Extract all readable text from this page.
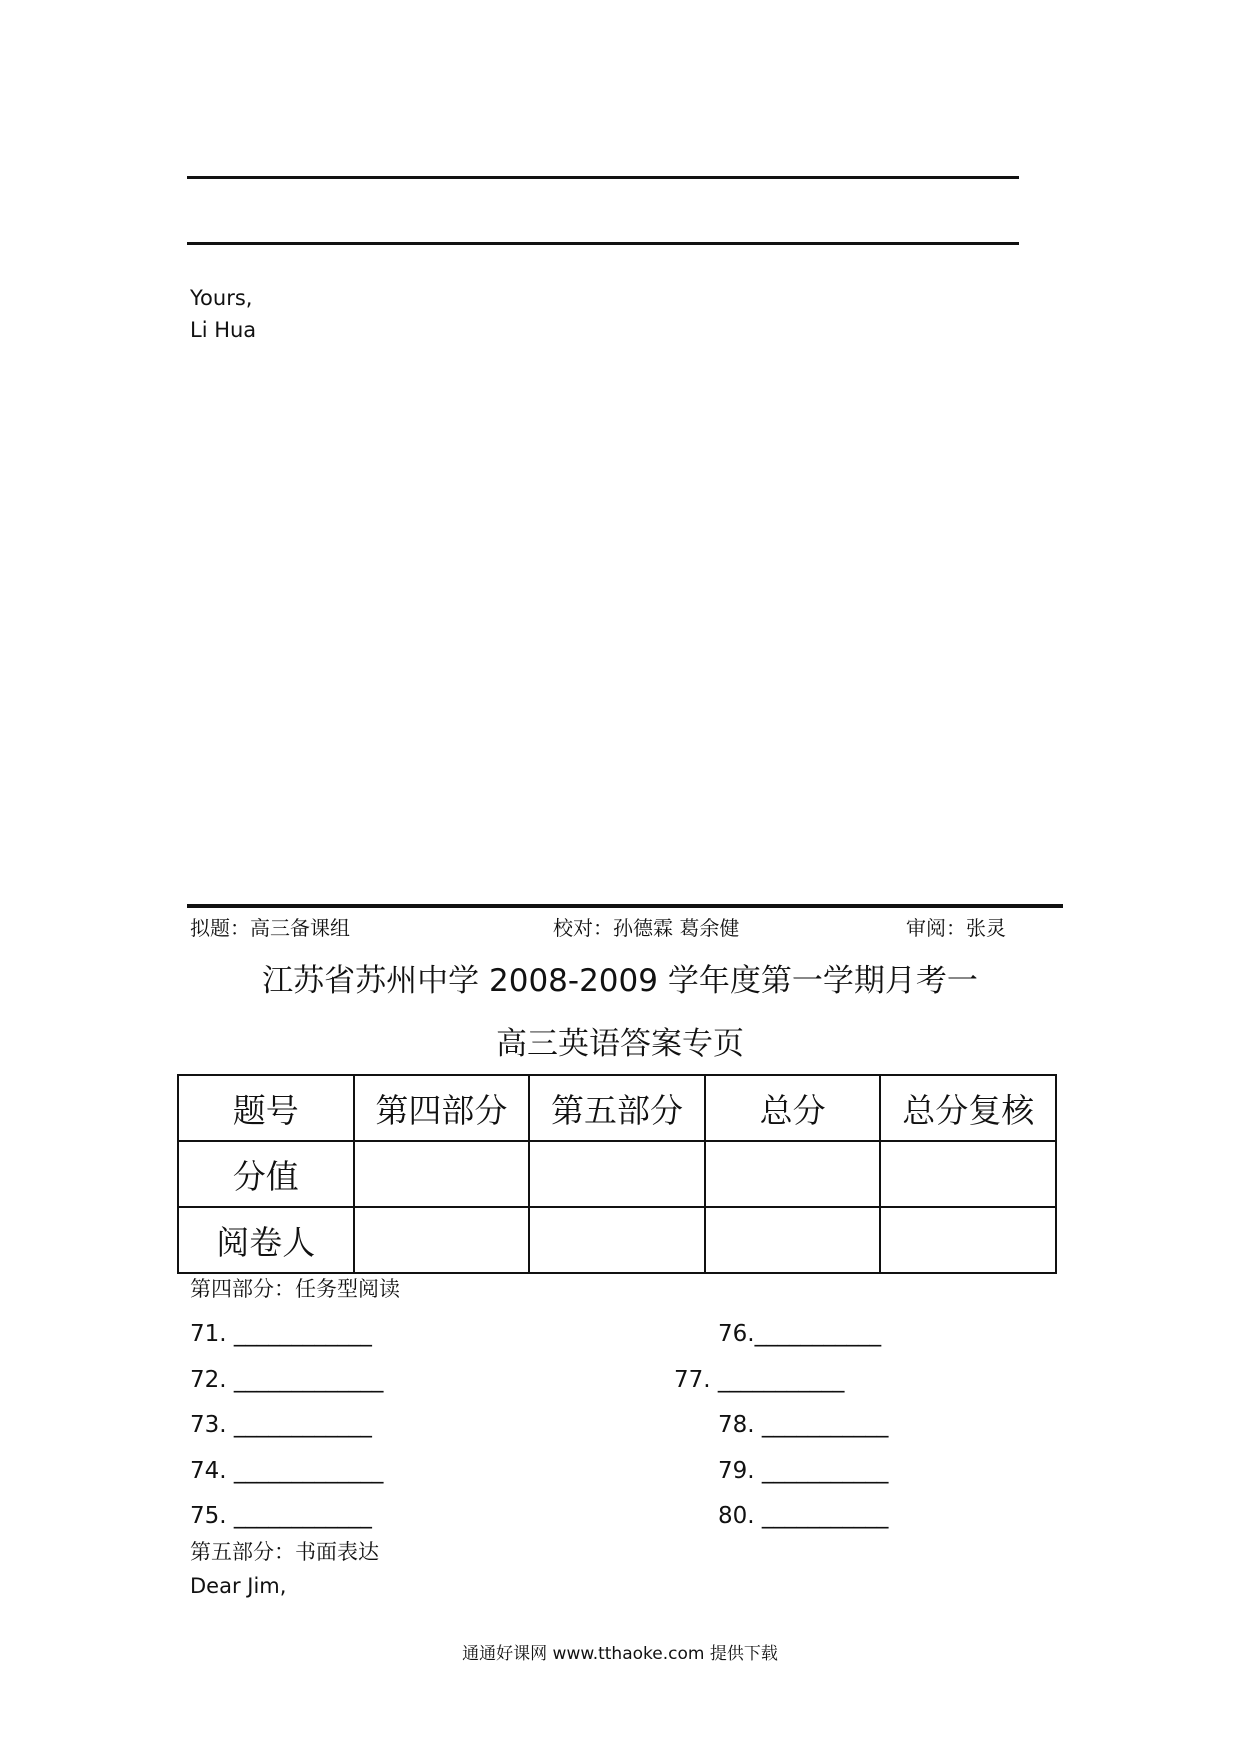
Yours,
Li Hua
拟题：高三备课组	校对：孙德霖 葛余健	审阅：张灵
江苏省苏州中学 2008-2009 学年度第一学期月考一
高三英语答案专页
题号	第四部分	第五部分	总分	总分复核
分值				
阅卷人				
第四部分：任务型阅读
71. ____________
72. _____________
73. ____________
74. _____________
75. ____________
76.___________
77. ___________
78. ___________
79. ___________
80. ___________
第五部分：书面表达
Dear Jim,
通通好课网 www.tthaoke.com 提供下载
